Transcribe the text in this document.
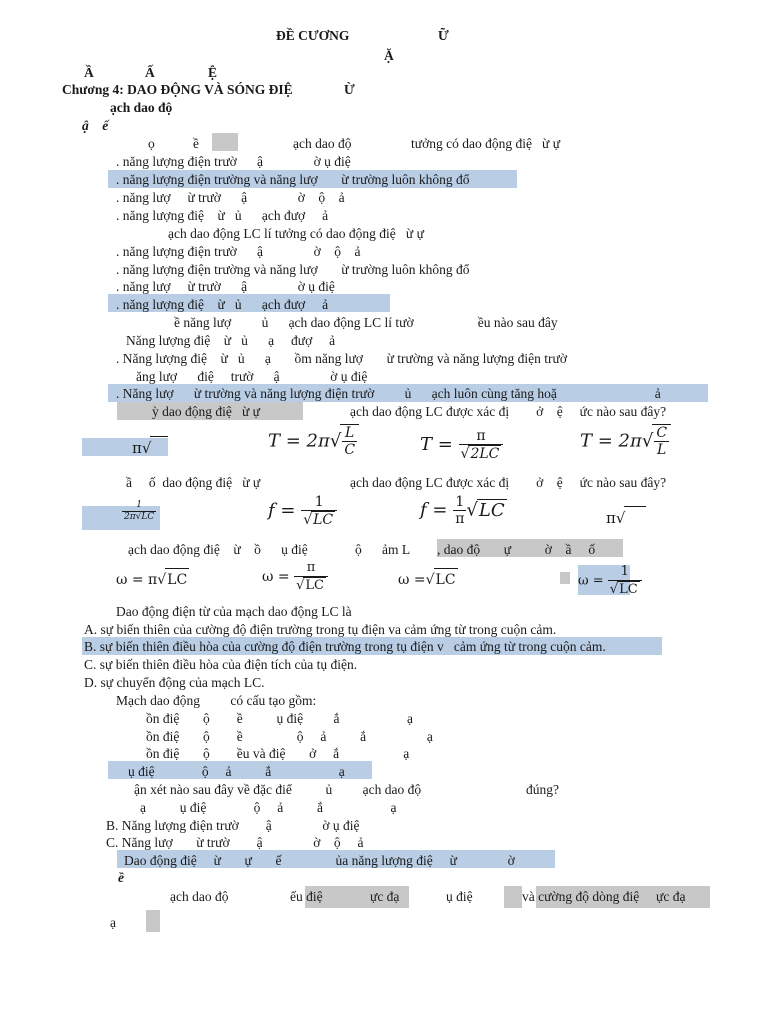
ĐỀ CƯƠNG	Ữ
Ặ
Ầ	Ấ	Ệ
Chương 4: DAO ĐỘNG VÀ SÓNG ĐIỆ	Ừ
ạch dao độ
ậ    ế
ọ	ề	ạch dao độ	tưởng có dao động điệ   ừ ự
. năng lượng điện trườ      ậ               ờ ụ điệ
. năng lượng điện trường và năng lượ       ừ trường luôn không đổ
. năng lượ     ừ trườ      ậ               ờ    ộ    ả
. năng lượng điệ    ừ   ủ      ạch đượ     ả
ạch dao động LC lí tưởng có dao động điệ   ừ ự
. năng lượng điện trườ      ậ               ờ    ộ    ả
. năng lượng điện trường và năng lượ       ừ trường luôn không đổ
. năng lượ     ừ trườ      ậ               ờ ụ điệ
. năng lượng điệ    ừ   ủ      ạch đượ     ả
ề năng lượ         ủ      ạch dao động LC lí tườ                   ều nào sau đây
Năng lượng điệ    ừ   ủ      ạ     đượ     ả
. Năng lượng điệ    ừ   ủ      ạ       ồm năng lượ       ừ trường và năng lượng điện trườ
ăng lượ      điệ     trườ      ậ               ờ ụ điệ
. Năng lượ      ừ trường và năng lượng điện trườ         ủ      ạch luôn cùng tăng hoặ                             ả
ỳ dao động điệ   ừ ự	ạch dao động LC được xác đị        ở    ệ     ức nào sau đây?
π√	$T = 2\pi√ \frac{L}{C}$	$T = \frac{\pi}{√2LC}$	$T = 2\pi√ \frac{C}{L}$
ầ     ố  dao động điệ   ừ ự	ạch dao động LC được xác đị        ở    ệ     ức nào sau đây?
$\frac{1}{2\pi√LC}$	$f = \frac{1}{√LC}$	$f = \frac{1}{\pi} √LC$	π√
ạch dao động điệ    ừ    ồ      ụ điệ              ộ      ảm L , dao độ       ự          ờ    ầ     ố
ω = π√LC	$\omega = \frac{\pi}{√LC}$	ω =√LC	$\omega = \frac{1}{√LC}$
Dao động điện từ của mạch dao động LC là
A. sự biến thiên của cường độ điện trường trong tụ điện va cảm ứng từ trong cuộn cảm.
B. sự biến thiên điều hòa của cường độ điện trường trong tụ điện v   cảm ứng từ trong cuộn cảm.
C. sự biến thiên điều hòa của điện tích của tụ điện.
D. sự chuyển động của mạch LC.
Mạch dao động         có cấu tạo gồm:
ồn điệ       ộ        ề          ụ điệ         ắ                    ạ
ồn điệ       ộ        ề                ộ     ả          ắ                  ạ
ồn điệ       ộ        ều và điệ       ở     ắ                   ạ
ụ điệ              ộ     ả          ắ                    ạ
ận xét nào sau đây về đặc điể          ủ         ạch dao độ	đúng?
ạ          ụ điệ              ộ     ả          ắ                    ạ
B. Năng lượng điện trườ        ậ               ờ ụ điệ
C. Năng lượ       ừ trườ        ậ               ờ    ộ     ả
Dao động điệ     ừ       ự       ế                ủa năng lượng điệ     ừ               ờ
ề
ạch dao độ	ếu điệ	ực đạ	ụ điệ	và cường độ dòng điệ     ực đạ
ạ
